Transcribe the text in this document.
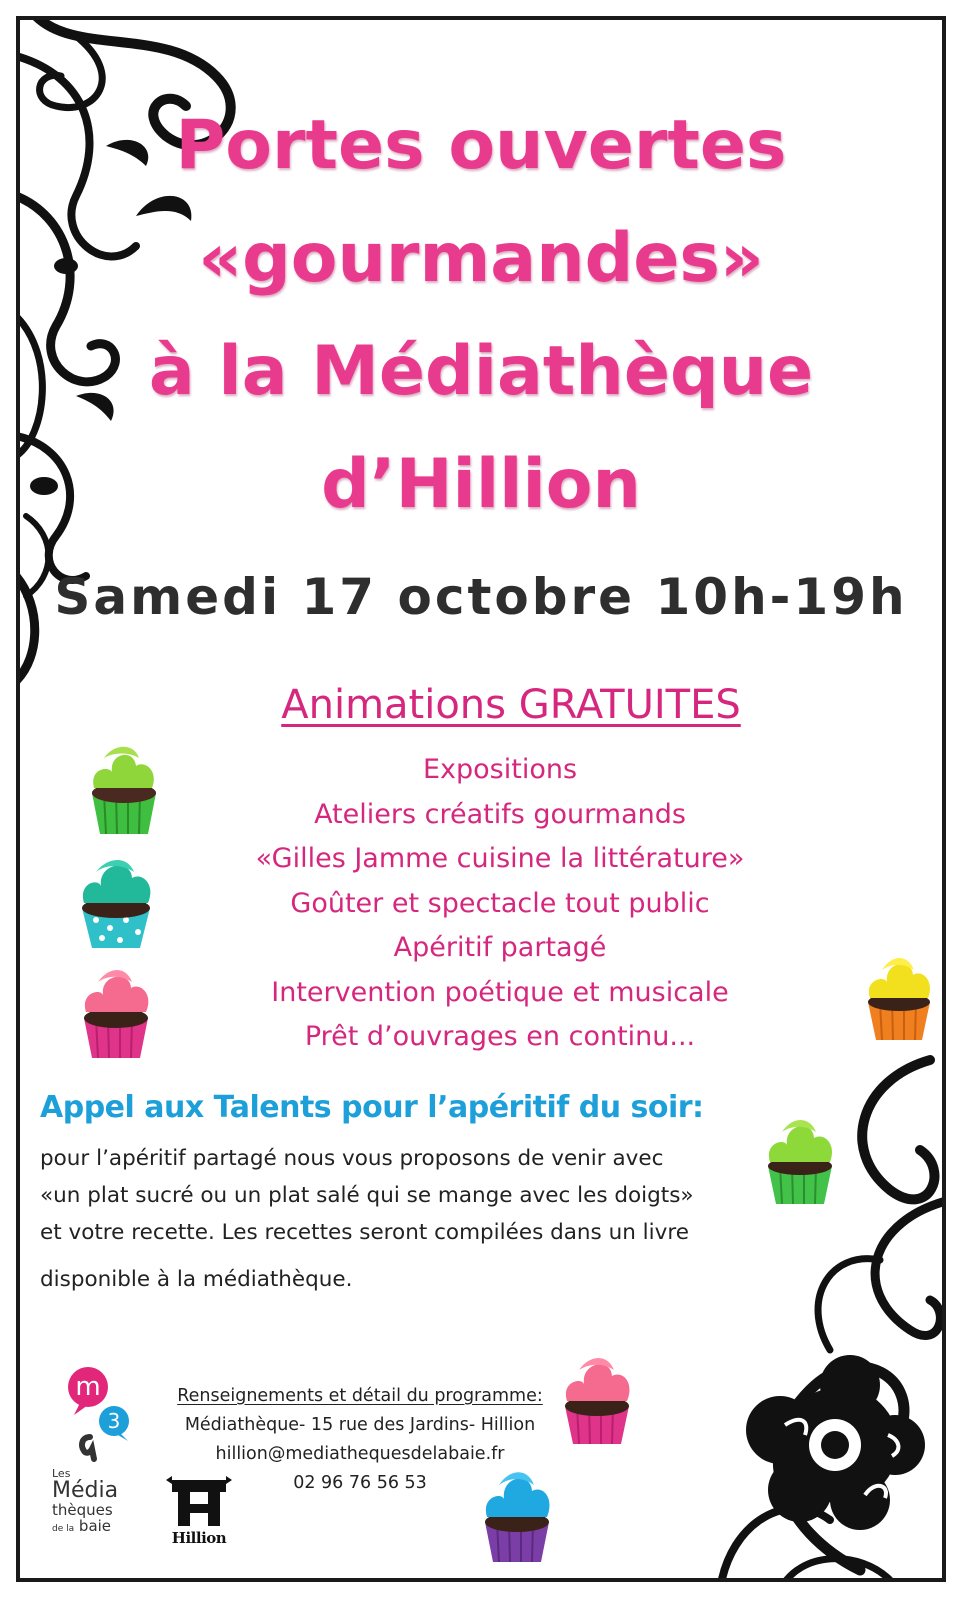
Portes ouvertes
«gourmandes»
à la Médiathèque
d’Hillion
Samedi 17 octobre 10h-19h
Animations GRATUITES
Expositions
Ateliers créatifs gourmands
«Gilles Jamme cuisine la littérature»
Goûter et spectacle tout public
Apéritif partagé
Intervention poétique et musicale
Prêt d’ouvrages en continu...
Appel aux Talents pour l’apéritif du soir:

pour l’apéritif partagé nous vous proposons de venir avec

«un plat sucré ou un plat salé qui se mange avec les doigts»

et votre recette. Les recettes seront compilées dans un livre

disponible à la médiathèque.

m
3
Les
Média
thèques
de la baie
Hillion
Renseignements et détail du programme:
Médiathèque- 15 rue des Jardins- Hillion
hillion@mediathequesdelabaie.fr
02 96 76 56 53
